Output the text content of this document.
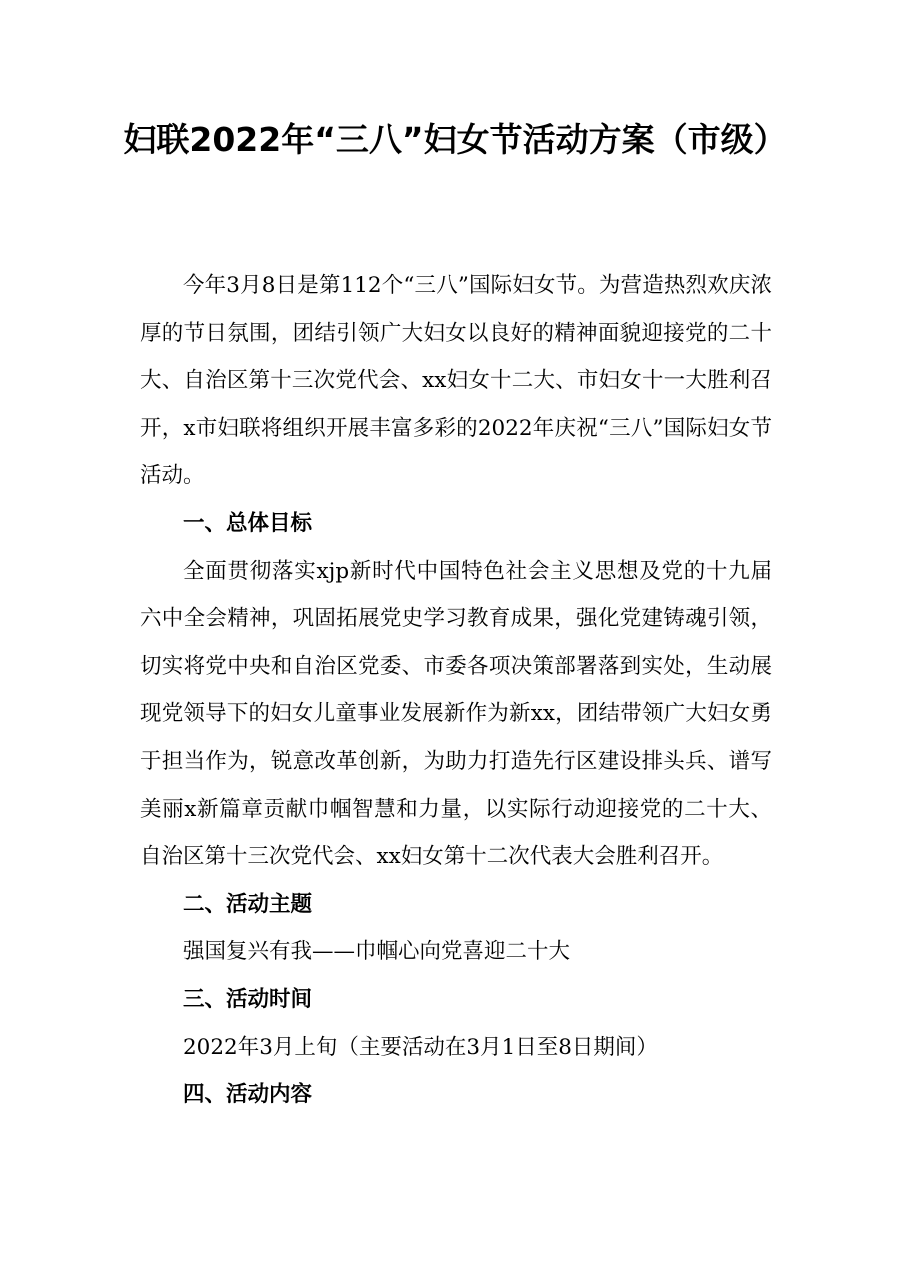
妇联2022年“三八”妇女节活动方案（市级）

今年3月8日是第112个“三八”国际妇女节。为营造热烈欢庆浓厚的节日氛围，团结引领广大妇女以良好的精神面貌迎接党的二十大、自治区第十三次党代会、xx妇女十二大、市妇女十一大胜利召开，x市妇联将组织开展丰富多彩的2022年庆祝“三八”国际妇女节活动。

一、总体目标

全面贯彻落实xjp新时代中国特色社会主义思想及党的十九届六中全会精神，巩固拓展党史学习教育成果，强化党建铸魂引领，切实将党中央和自治区党委、市委各项决策部署落到实处，生动展现党领导下的妇女儿童事业发展新作为新xx，团结带领广大妇女勇于担当作为，锐意改革创新，为助力打造先行区建设排头兵、谱写美丽x新篇章贡献巾帼智慧和力量，以实际行动迎接党的二十大、自治区第十三次党代会、xx妇女第十二次代表大会胜利召开。

二、活动主题

强国复兴有我——巾帼心向党喜迎二十大

三、活动时间

2022年3月上旬（主要活动在3月1日至8日期间）

四、活动内容
